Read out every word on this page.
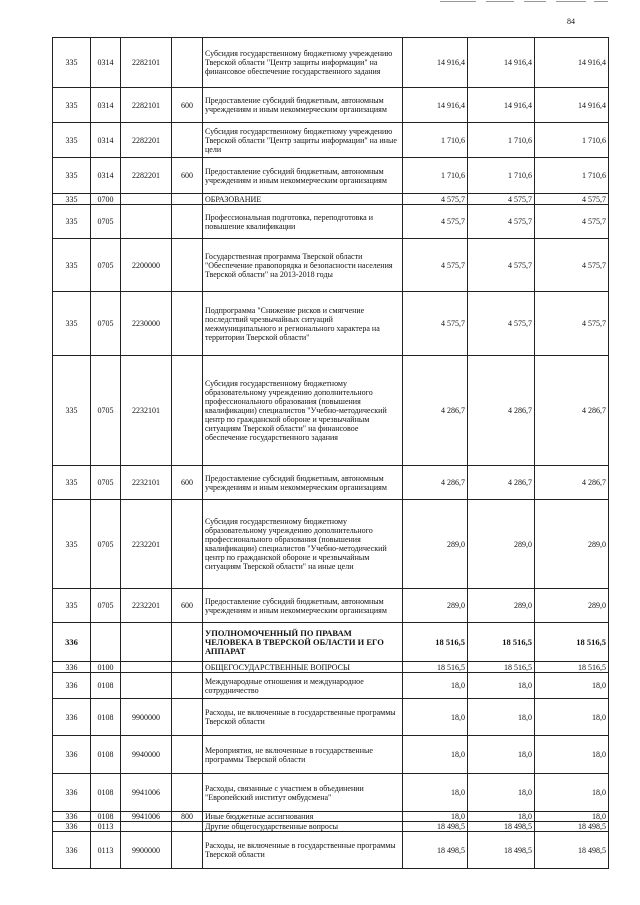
84
335	0314	2282101		Субсидия государственному бюджетному учреждению Тверской области "Центр защиты информации" на финансовое обеспечение государственного задания	14 916,4	14 916,4	14 916,4
335	0314	2282101	600	Предоставление субсидий бюджетным, автономным учреждениям и иным некоммерческим организациям	14 916,4	14 916,4	14 916,4
335	0314	2282201		Субсидия государственному бюджетному учреждению Тверской области "Центр защиты информации" на иные цели	1 710,6	1 710,6	1 710,6
335	0314	2282201	600	Предоставление субсидий бюджетным, автономным учреждениям и иным некоммерческим организациям	1 710,6	1 710,6	1 710,6
335	0700			ОБРАЗОВАНИЕ	4 575,7	4 575,7	4 575,7
335	0705			Профессиональная подготовка, переподготовка и повышение квалификации	4 575,7	4 575,7	4 575,7
335	0705	2200000		Государственная программа Тверской области "Обеспечение правопорядка и безопасности населения Тверской области" на 2013-2018 годы	4 575,7	4 575,7	4 575,7
335	0705	2230000		Подпрограмма "Снижение рисков и смягчение последствий чрезвычайных ситуаций межмуниципального и регионального характера на территории Тверской области"	4 575,7	4 575,7	4 575,7
335	0705	2232101		Субсидия государственному бюджетному образовательному учреждению дополнительного профессионального образования (повышения квалификации) специалистов "Учебно-методический центр по гражданской обороне и чрезвычайным ситуациям Тверской области" на финансовое обеспечение государственного задания	4 286,7	4 286,7	4 286,7
335	0705	2232101	600	Предоставление субсидий бюджетным, автономным учреждениям и иным некоммерческим организациям	4 286,7	4 286,7	4 286,7
335	0705	2232201		Субсидия государственному бюджетному образовательному учреждению дополнительного профессионального образования (повышения квалификации) специалистов "Учебно-методический центр по гражданской обороне и чрезвычайным ситуациям Тверской области" на иные цели	289,0	289,0	289,0
335	0705	2232201	600	Предоставление субсидий бюджетным, автономным учреждениям и иным некоммерческим организациям	289,0	289,0	289,0
336				УПОЛНОМОЧЕННЫЙ ПО ПРАВАМ ЧЕЛОВЕКА В ТВЕРСКОЙ ОБЛАСТИ И ЕГО АППАРАТ	18 516,5	18 516,5	18 516,5
336	0100			ОБЩЕГОСУДАРСТВЕННЫЕ ВОПРОСЫ	18 516,5	18 516,5	18 516,5
336	0108			Международные отношения и международное сотрудничество	18,0	18,0	18,0
336	0108	9900000		Расходы, не включенные в государственные программы Тверской области	18,0	18,0	18,0
336	0108	9940000		Мероприятия, не включенные в государственные программы Тверской области	18,0	18,0	18,0
336	0108	9941006		Расходы, связанные с участием в объединении "Европейский институт омбудсмена"	18,0	18,0	18,0
336	0108	9941006	800	Иные бюджетные ассигнования	18,0	18,0	18,0
336	0113			Другие общегосударственные вопросы	18 498,5	18 498,5	18 498,5
336	0113	9900000		Расходы, не включенные в государственные программы Тверской области	18 498,5	18 498,5	18 498,5
